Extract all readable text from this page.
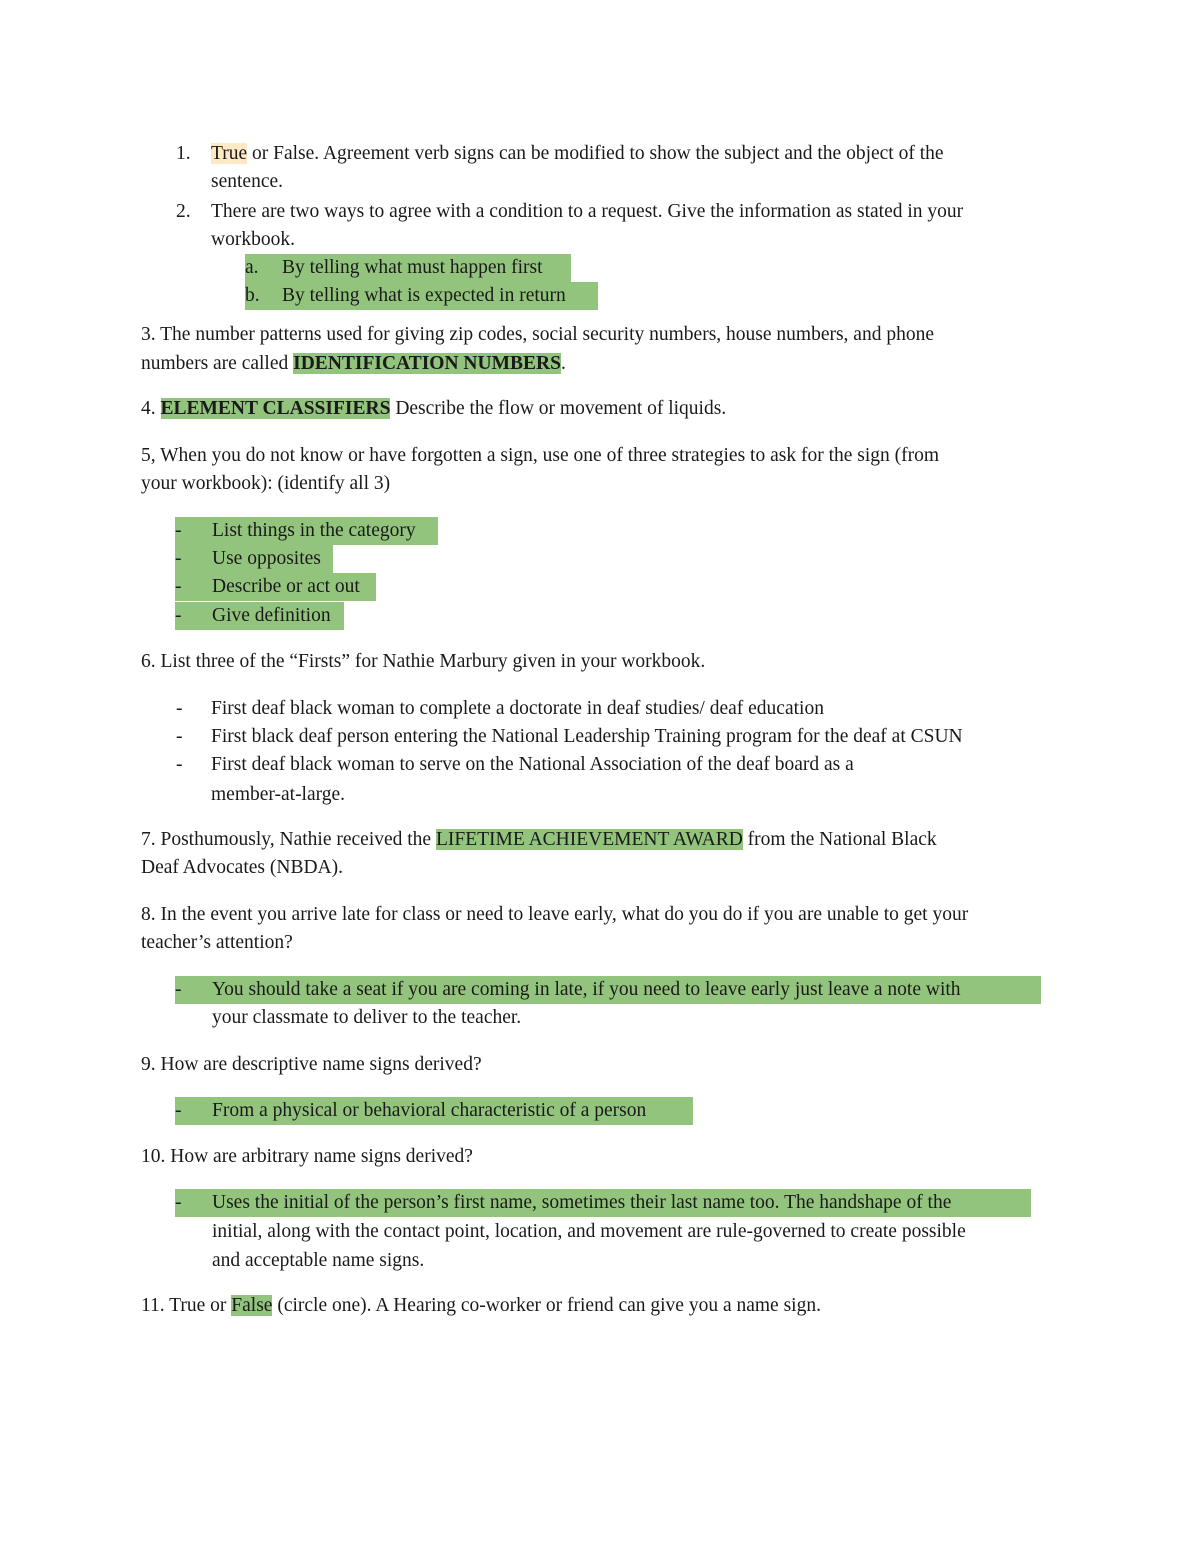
1. True or False. Agreement verb signs can be modified to show the subject and the object of the
sentence.
2. There are two ways to agree with a condition to a request. Give the information as stated in your
workbook.
a. By telling what must happen first
b. By telling what is expected in return
3. The number patterns used for giving zip codes, social security numbers, house numbers, and phone
numbers are called IDENTIFICATION NUMBERS.
4. ELEMENT CLASSIFIERS Describe the flow or movement of liquids.
5, When you do not know or have forgotten a sign, use one of three strategies to ask for the sign (from
your workbook): (identify all 3)
- List things in the category
- Use opposites
- Describe or act out
- Give definition
6. List three of the “Firsts” for Nathie Marbury given in your workbook.
- First deaf black woman to complete a doctorate in deaf studies/ deaf education
- First black deaf person entering the National Leadership Training program for the deaf at CSUN
- First deaf black woman to serve on the National Association of the deaf board as a
member-at-large.
7. Posthumously, Nathie received the LIFETIME ACHIEVEMENT AWARD from the National Black
Deaf Advocates (NBDA).
8. In the event you arrive late for class or need to leave early, what do you do if you are unable to get your
teacher’s attention?
- You should take a seat if you are coming in late, if you need to leave early just leave a note with
your classmate to deliver to the teacher.
9. How are descriptive name signs derived?
- From a physical or behavioral characteristic of a person
10. How are arbitrary name signs derived?
- Uses the initial of the person’s first name, sometimes their last name too. The handshape of the
initial, along with the contact point, location, and movement are rule-governed to create possible
and acceptable name signs.
11. True or False (circle one). A Hearing co-worker or friend can give you a name sign.
